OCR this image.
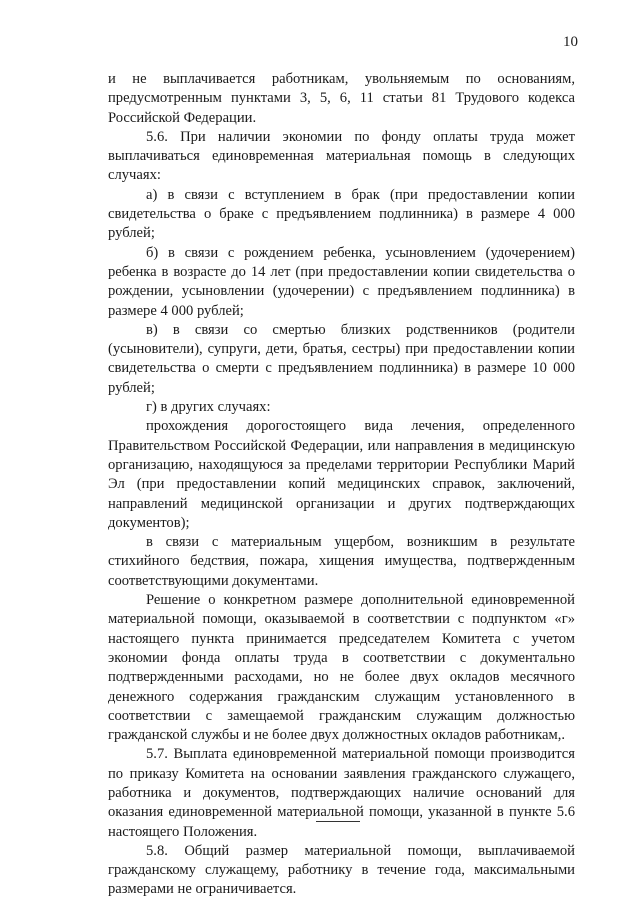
10

и не выплачивается работникам, увольняемым по основаниям, предусмотренным пунктами 3, 5, 6, 11 статьи 81 Трудового кодекса Российской Федерации.

5.6. При наличии экономии по фонду оплаты труда может выплачиваться единовременная материальная помощь в следующих случаях:

а) в связи с вступлением в брак (при предоставлении копии свидетельства о браке с предъявлением подлинника) в размере 4 000 рублей;

б) в связи с рождением ребенка, усыновлением (удочерением) ребенка в возрасте до 14 лет (при предоставлении копии свидетельства о рождении, усыновлении (удочерении) с предъявлением подлинника) в размере 4 000 рублей;

в) в связи со смертью близких родственников (родители (усыновители), супруги, дети, братья, сестры) при предоставлении копии свидетельства о смерти с предъявлением подлинника) в размере 10 000 рублей;

г) в других случаях:

прохождения дорогостоящего вида лечения, определенного Правительством Российской Федерации, или направления в медицинскую организацию, находящуюся за пределами территории Республики Марий Эл (при предоставлении копий медицинских справок, заключений, направлений медицинской организации и других подтверждающих документов);

в связи с материальным ущербом, возникшим в результате стихийного бедствия, пожара, хищения имущества, подтвержденным соответствующими документами.

Решение о конкретном размере дополнительной единовременной материальной помощи, оказываемой в соответствии с подпунктом «г» настоящего пункта принимается председателем Комитета с учетом экономии фонда оплаты труда в соответствии с документально подтвержденными расходами, но не более двух окладов месячного денежного содержания гражданским служащим установленного в соответствии с замещаемой гражданским служащим должностью гражданской службы и не более двух должностных окладов работникам,.

5.7. Выплата единовременной материальной помощи производится по приказу Комитета на основании заявления гражданского служащего, работника и документов, подтверждающих наличие оснований для оказания единовременной материальной помощи, указанной в пункте 5.6 настоящего Положения.

5.8. Общий размер материальной помощи, выплачиваемой гражданскому служащему, работнику в течение года, максимальными размерами не ограничивается.
